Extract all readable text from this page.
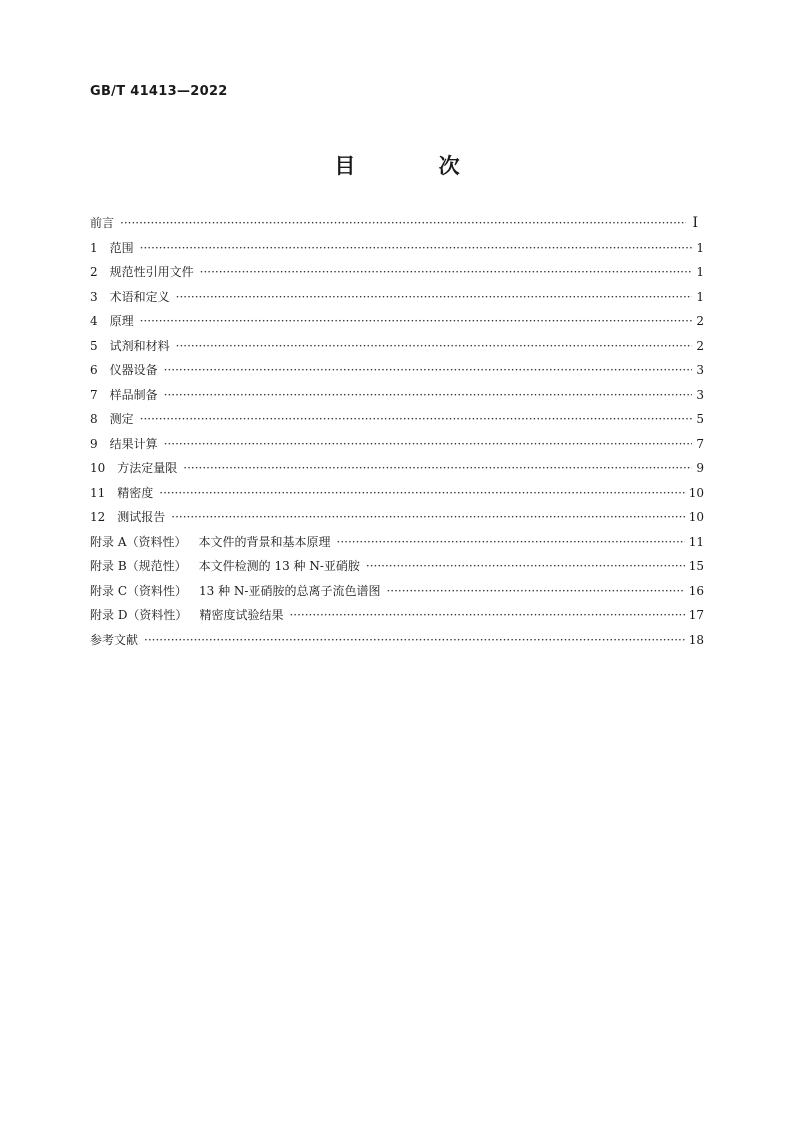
GB/T 41413—2022
目 次
前言 ·····	Ⅰ
1 范围 ·····	1
2 规范性引用文件 ·····	1
3 术语和定义 ·····	1
4 原理 ·····	2
5 试剂和材料 ·····	2
6 仪器设备 ·····	3
7 样品制备 ·····	3
8 测定 ·····	5
9 结果计算 ·····	7
10 方法定量限 ·····	9
11 精密度 ·····	10
12 测试报告 ·····	10
附录 A（资料性） 本文件的背景和基本原理 ·····	11
附录 B（规范性） 本文件检测的 13 种 N-亚硝胺 ·····	15
附录 C（资料性） 13 种 N-亚硝胺的总离子流色谱图 ·····	16
附录 D（资料性） 精密度试验结果 ·····	17
参考文献 ·····	18
